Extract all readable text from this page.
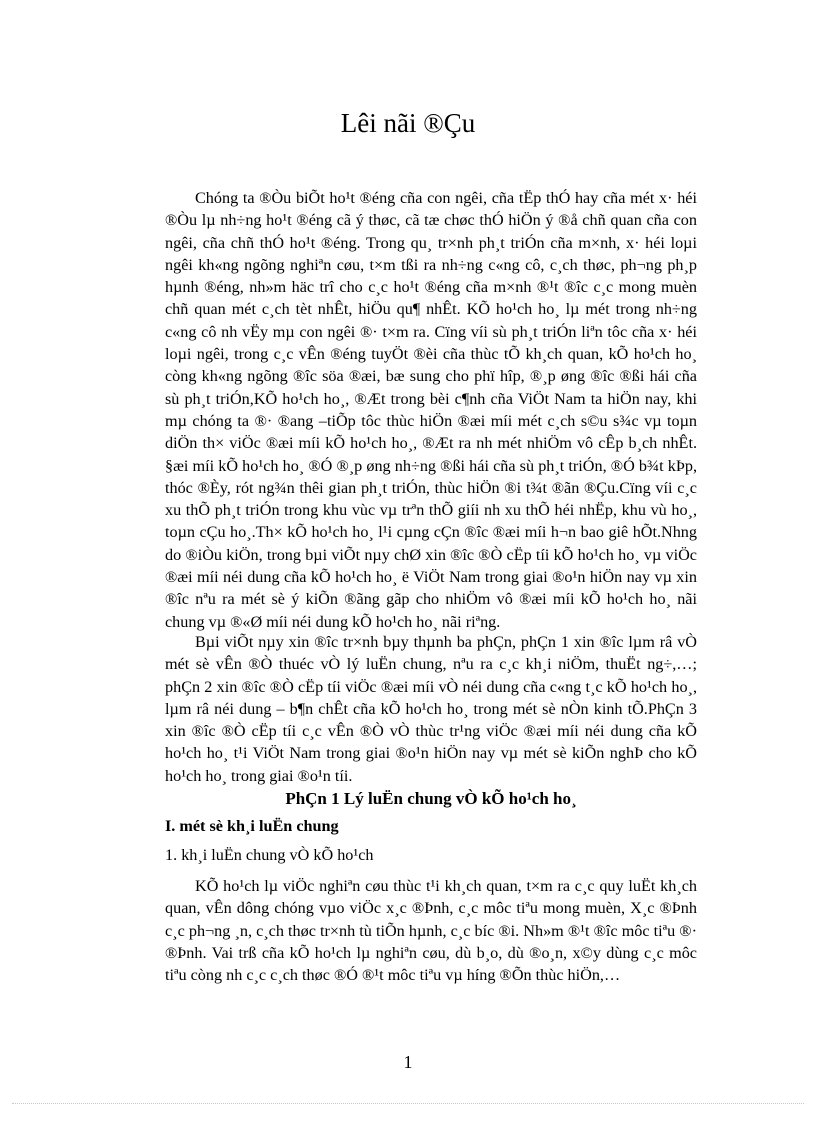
Lêi nãi ®Çu

Chóng ta ®Òu biÕt ho¹t ®éng cña con ngêi, cña tËp thÓ hay cña mét x· héi ®Òu lµ nh÷ng ho¹t ®éng cã ý thøc, cã tæ chøc thÓ hiÖn ý ®å chñ quan cña con ngêi, cña chñ thÓ ho¹t ®éng. Trong qu¸ tr×nh ph¸t triÓn cña m×nh, x· héi loµi ngêi kh«ng ngõng nghiªn cøu, t×m tßi ra nh÷ng c«ng cô, c¸ch thøc, ph¬ng ph¸p hµnh ®éng, nh»m häc trî cho c¸c ho¹t ®éng cña m×nh ®¹t ®îc c¸c mong muèn chñ quan mét c¸ch tèt nhÊt, hiÖu qu¶ nhÊt. KÕ ho¹ch ho¸ lµ mét trong nh÷ng c«ng cô nh vËy mµ con ngêi ®· t×m ra. Cïng víi sù ph¸t triÓn liªn tôc cña x· héi loµi ngêi, trong c¸c vÊn ®éng tuyÖt ®èi cña thùc tÕ kh¸ch quan, kÕ ho¹ch ho¸ còng kh«ng ngõng ®îc söa ®æi, bæ sung cho phï hîp, ®¸p øng ®îc ®ßi hái cña sù ph¸t triÓn,KÕ ho¹ch ho¸, ®Æt trong bèi c¶nh cña ViÖt Nam ta hiÖn nay, khi mµ chóng ta ®· ®ang –tiÕp tôc thùc hiÖn ®æi míi mét c¸ch s©u s¾c vµ toµn diÖn th× viÖc ®æi míi kÕ ho¹ch ho¸, ®Æt ra nh mét nhiÖm vô cÊp b¸ch nhÊt. §æi míi kÕ ho¹ch ho¸ ®Ó ®¸p øng nh÷ng ®ßi hái cña sù ph¸t triÓn, ®Ó b¾t kÞp, thóc ®Èy, rót ng¾n thêi gian ph¸t triÓn, thùc hiÖn ®i t¾t ®ãn ®Çu.Cïng víi c¸c xu thÕ ph¸t triÓn trong khu vùc vµ trªn thÕ giíi nh xu thÕ héi nhËp, khu vù ho¸, toµn cÇu ho¸.Th× kÕ ho¹ch ho¸ l¹i cµng cÇn ®îc ®æi míi h¬n bao giê hÕt.Nhng do ®iÒu kiÖn, trong bµi viÕt nµy chØ xin ®îc ®Ò cËp tíi kÕ ho¹ch ho¸ vµ viÖc ®æi míi néi dung cña kÕ ho¹ch ho¸ ë ViÖt Nam trong giai ®o¹n hiÖn nay vµ xin ®îc nªu ra mét sè ý kiÕn ®ãng gãp cho nhiÖm vô ®æi míi kÕ ho¹ch ho¸ nãi chung vµ ®«Ø míi néi dung kÕ ho¹ch ho¸ nãi riªng.

Bµi viÕt nµy xin ®îc tr×nh bµy thµnh ba phÇn, phÇn 1 xin ®îc lµm râ vÒ mét sè vÊn ®Ò thuéc vÒ lý luËn chung, nªu ra c¸c kh¸i niÖm, thuËt ng÷,…; phÇn 2 xin ®îc ®Ò cËp tíi viÖc ®æi míi vÒ néi dung cña c«ng t¸c kÕ ho¹ch ho¸, lµm râ néi dung – b¶n chÊt cña kÕ ho¹ch ho¸ trong mét sè nÒn kinh tÕ.PhÇn 3 xin ®îc ®Ò cËp tíi c¸c vÊn ®Ò vÒ thùc tr¹ng viÖc ®æi míi néi dung cña kÕ ho¹ch ho¸ t¹i ViÖt Nam trong giai ®o¹n hiÖn nay vµ mét sè kiÕn nghÞ cho kÕ ho¹ch ho¸ trong giai ®o¹n tíi.

PhÇn 1 Lý luËn chung vÒ kÕ ho¹ch ho¸
I. mét sè kh¸i luËn chung

1. kh¸i luËn chung vÒ kÕ ho¹ch

KÕ ho¹ch lµ viÖc nghiªn cøu thùc t¹i kh¸ch quan, t×m ra c¸c quy luËt kh¸ch quan, vÊn dông chóng vµo viÖc x¸c ®Þnh, c¸c môc tiªu mong muèn, X¸c ®Þnh c¸c ph¬ng ¸n, c¸ch thøc tr×nh tù tiÕn hµnh, c¸c bíc ®i. Nh»m ®¹t ®îc môc tiªu ®· ®Þnh. Vai trß cña kÕ ho¹ch lµ nghiªn cøu, dù b¸o, dù ®o¸n, x©y dùng c¸c môc tiªu còng nh c¸c c¸ch thøc ®Ó ®¹t môc tiªu vµ híng ®Õn thùc hiÖn,…

1
